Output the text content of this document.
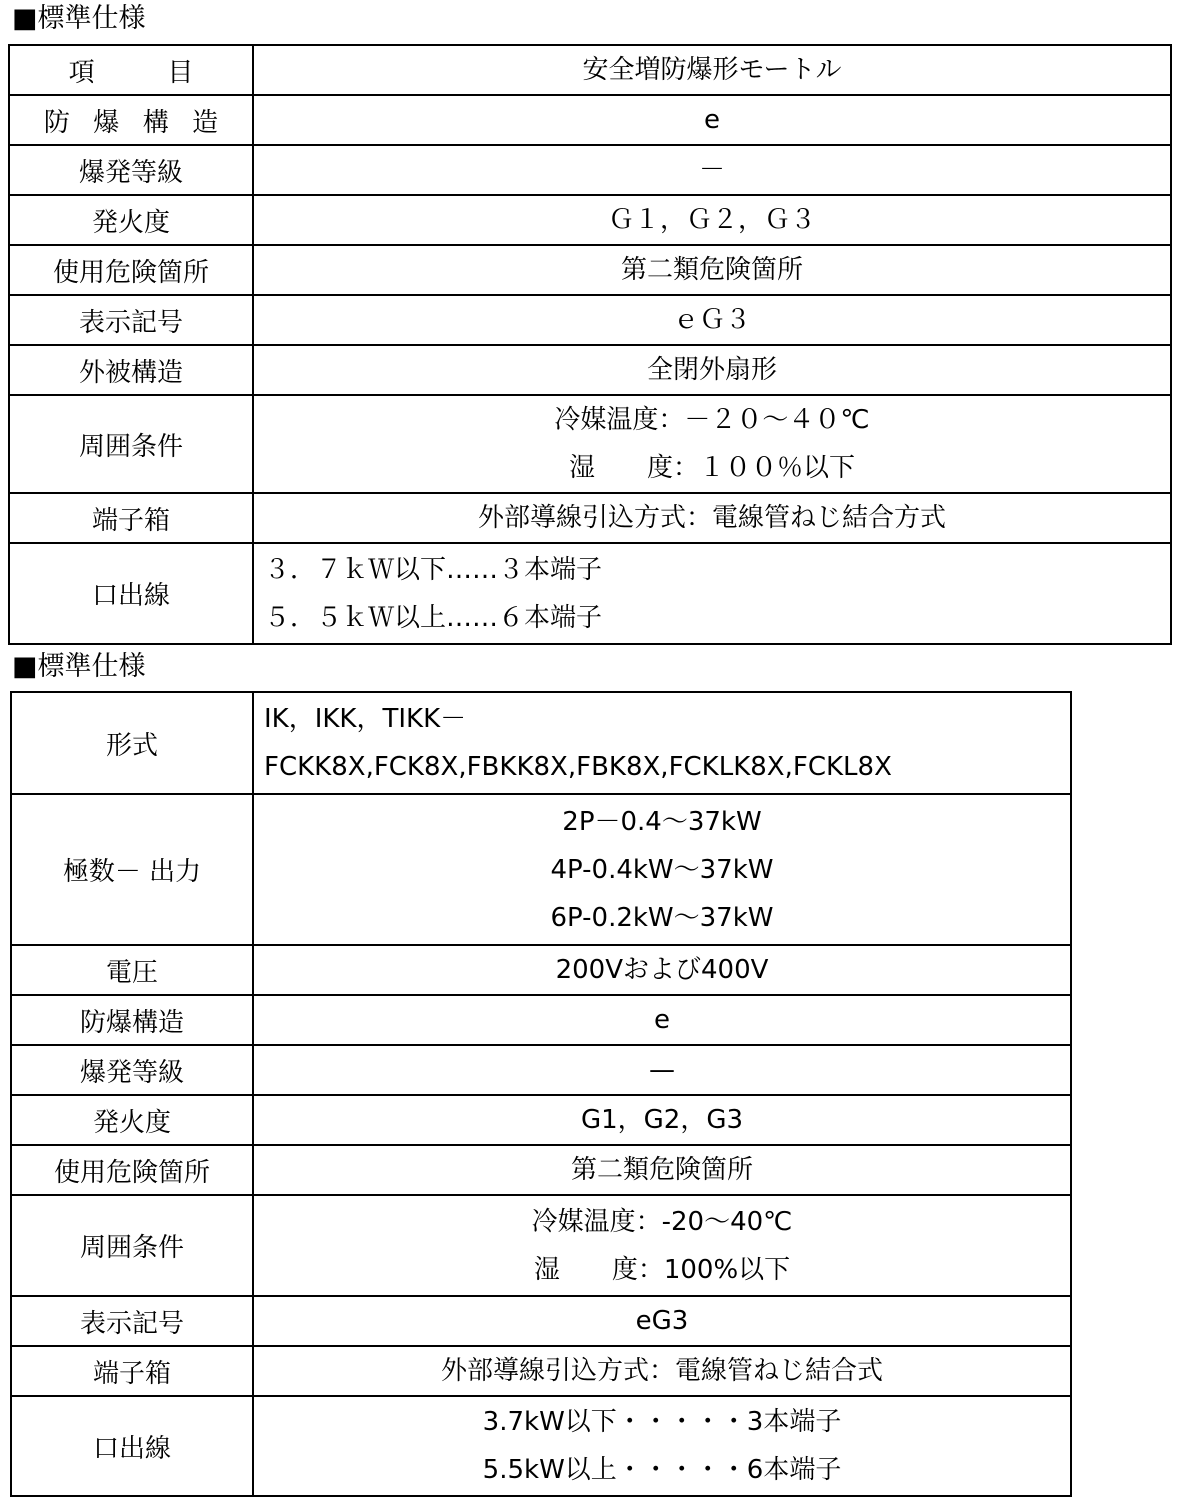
■標準仕様
項　目	安全増防爆形モートル

防爆構造	e

爆発等級	－

発火度	Ｇ１，Ｇ２，Ｇ３

使用危険箇所	第二類危険箇所

表示記号	ｅＧ３

外被構造	全閉外扇形

周囲条件	冷媒温度：－２０～４０℃
湿　　度：１００％以下

端子箱	外部導線引込方式：電線管ねじ結合方式

口出線	３．７ｋＷ以下……３本端子
５．５ｋＷ以上……６本端子
■標準仕様
形式	IK，IKK，TIKK－
FCKK8X,FCK8X,FBKK8X,FBK8X,FCKLK8X,FCKL8X

極数－ 出力	2P－0.4～37kW
4P-0.4kW～37kW
6P-0.2kW～37kW

電圧	200Vおよび400V

防爆構造	e

爆発等級	—

発火度	G1，G2，G3

使用危険箇所	第二類危険箇所

周囲条件	冷媒温度：-20～40℃
湿　　度：100%以下

表示記号	eG3

端子箱	外部導線引込方式：電線管ねじ結合式

口出線	3.7kW以下・・・・・3本端子
5.5kW以上・・・・・6本端子
